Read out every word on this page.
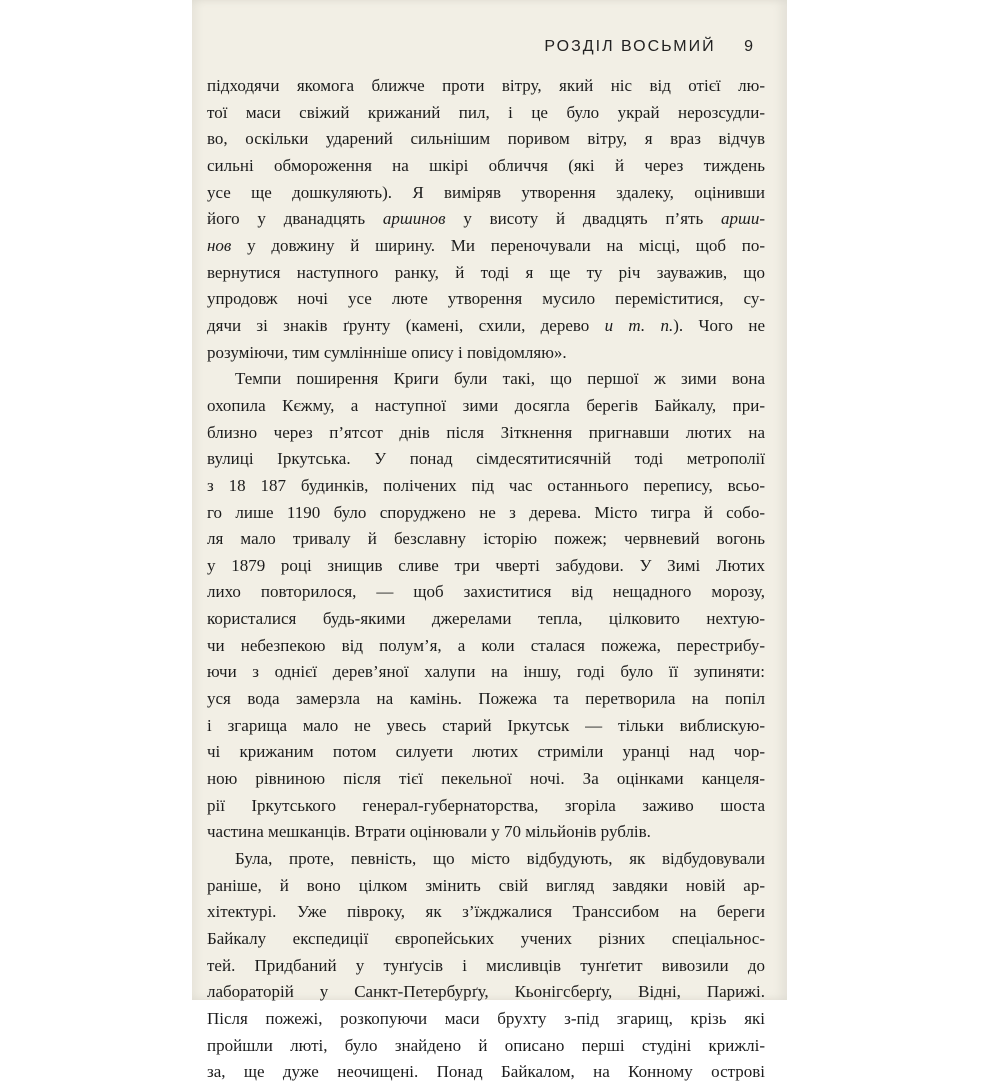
РОЗДІЛ ВОСЬМИЙ 9
підходячи якомога ближче проти вітру, який ніс від отієї лю-
тої маси свіжий крижаний пил, і це було украй нерозсудли-
во, оскільки ударений сильнішим поривом вітру, я враз відчув
сильні обмороження на шкірі обличчя (які й через тиждень
усе ще дошкуляють). Я виміряв утворення здалеку, оцінивши
його у дванадцять аршинов у висоту й двадцять п’ять арши-
нов у довжину й ширину. Ми переночували на місці, щоб по-
вернутися наступного ранку, й тоді я ще ту річ зауважив, що
упродовж ночі усе люте утворення мусило переміститися, су-
дячи зі знаків ґрунту (камені, схили, дерево и т. п.). Чого не
розуміючи, тим сумлінніше опису і повідомляю».
Темпи поширення Криги були такі, що першої ж зими вона
охопила Кєжму, а наступної зими досягла берегів Байкалу, при-
близно через п’ятсот днів після Зіткнення пригнавши лютих на
вулиці Іркутська. У понад сімдесятитисячній тоді метрополії
з 18 187 будинків, полічених під час останнього перепису, всьо-
го лише 1190 було споруджено не з дерева. Місто тигра й собо-
ля мало тривалу й безславну історію пожеж; червневий вогонь
у 1879 році знищив сливе три чверті забудови. У Зимі Лютих
лихо повторилося, — щоб захиститися від нещадного морозу,
користалися будь-якими джерелами тепла, цілковито нехтую-
чи небезпекою від полум’я, а коли сталася пожежа, перестрибу-
ючи з однієї дерев’яної халупи на іншу, годі було її зупиняти:
уся вода замерзла на камінь. Пожежа та перетворила на попіл
і згарища мало не увесь старий Іркутськ — тільки виблискую-
чі крижаним потом силуети лютих стриміли уранці над чор-
ною рівниною після тієї пекельної ночі. За оцінками канцеля-
рії Іркутського генерал-губернаторства, згоріла заживо шоста
частина мешканців. Втрати оцінювали у 70 мільйонів рублів.
Була, проте, певність, що місто відбудують, як відбудовували
раніше, й воно цілком змінить свій вигляд завдяки новій ар-
хітектурі. Уже півроку, як з’їжджалися Транссибом на береги
Байкалу експедиції європейських учених різних спеціальнос-
тей. Придбаний у тунґусів і мисливців тунґетит вивозили до
лабораторій у Санкт-Петербурґу, Кьонігсберґу, Відні, Парижі.
Після пожежі, розкопуючи маси брухту з-під згарищ, крізь які
пройшли люті, було знайдено й описано перші студіні крижлі-
за, ще дуже неочищені. Понад Байкалом, на Конному острові
